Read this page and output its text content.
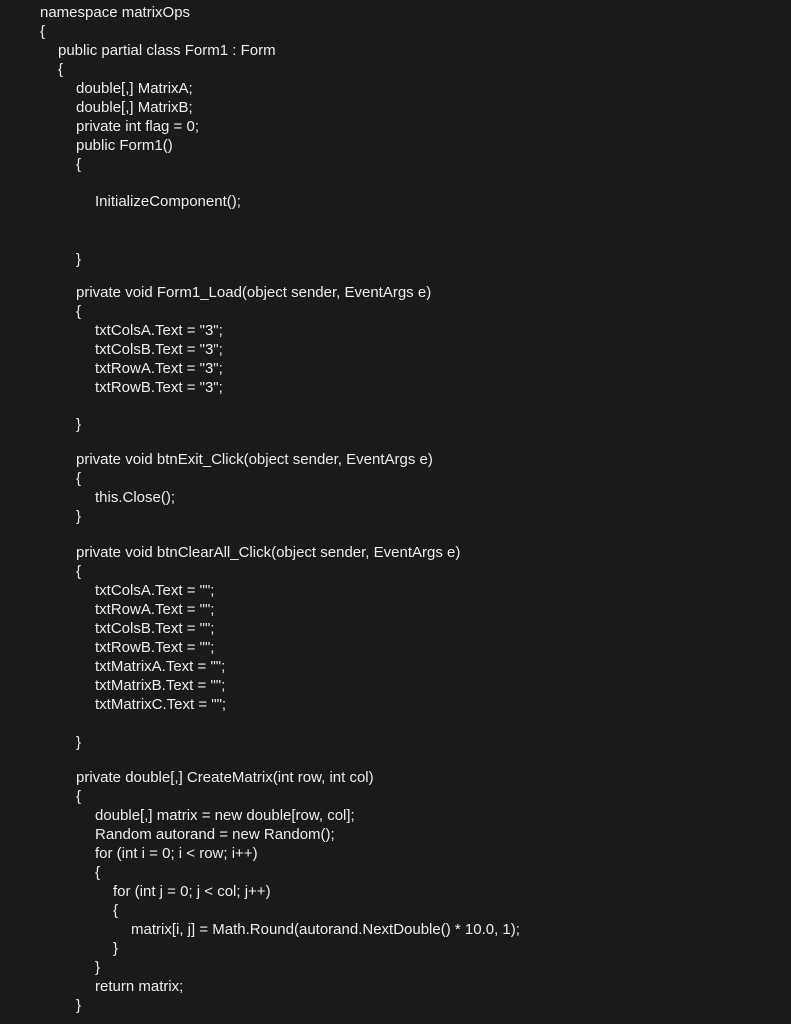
namespace matrixOps
{
public partial class Form1 : Form
{
double[,] MatrixA;
double[,] MatrixB;
private int flag = 0;
public Form1()
{
InitializeComponent();
}
private void Form1_Load(object sender, EventArgs e)
{
txtColsA.Text = "3";
txtColsB.Text = "3";
txtRowA.Text = "3";
txtRowB.Text = "3";
}
private void btnExit_Click(object sender, EventArgs e)
{
this.Close();
}
private void btnClearAll_Click(object sender, EventArgs e)
{
txtColsA.Text = "";
txtRowA.Text = "";
txtColsB.Text = "";
txtRowB.Text = "";
txtMatrixA.Text = "";
txtMatrixB.Text = "";
txtMatrixC.Text = "";
}
private double[,] CreateMatrix(int row, int col)
{
double[,] matrix = new double[row, col];
Random autorand = new Random();
for (int i = 0; i < row; i++)
{
for (int j = 0; j < col; j++)
{
matrix[i, j] = Math.Round(autorand.NextDouble() * 10.0, 1);
}
}
return matrix;
}
